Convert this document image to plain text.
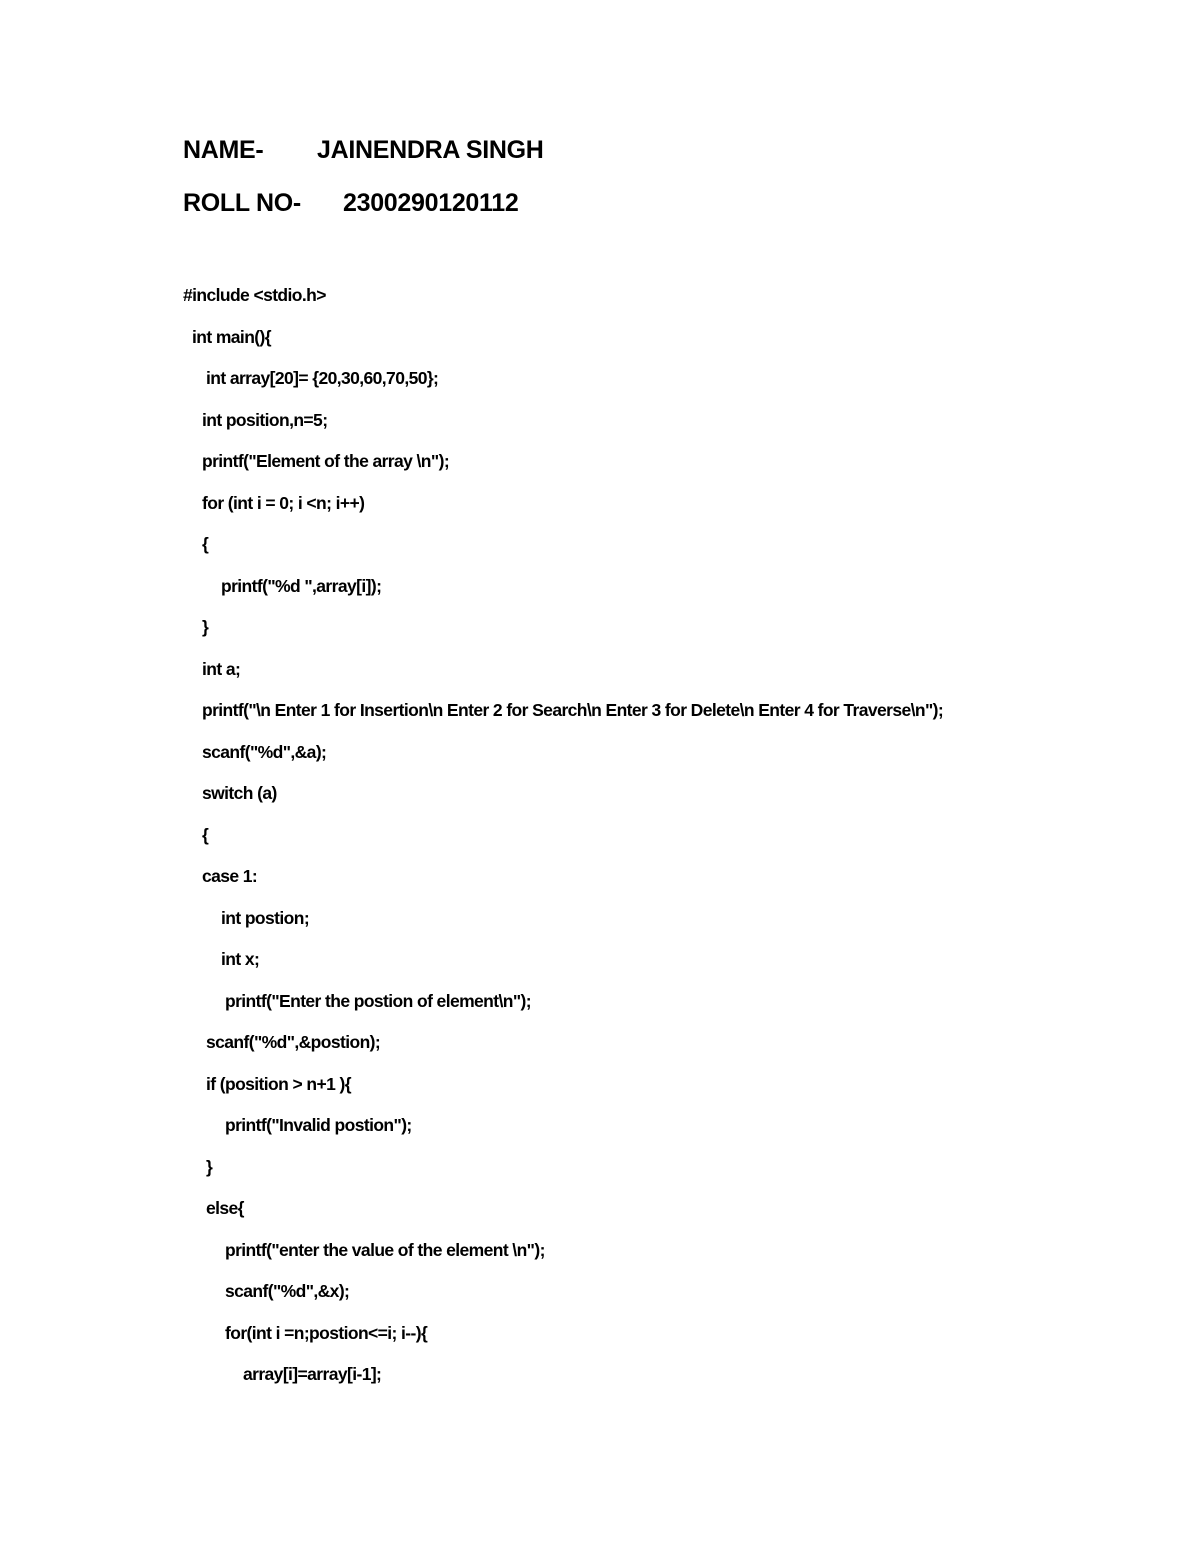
NAME- JAINENDRA SINGH
ROLL NO- 2300290120112
#include <stdio.h>
int main(){
int array[20]= {20,30,60,70,50};
int position,n=5;
printf("Element of the array \n");
for (int i = 0; i <n; i++)
{
printf("%d ",array[i]);
}
int a;
printf("\n Enter 1 for Insertion\n Enter 2 for Search\n Enter 3 for Delete\n Enter 4 for Traverse\n");
scanf("%d",&a);
switch (a)
{
case 1:
int postion;
int x;
printf("Enter the postion of element\n");
scanf("%d",&postion);
if (position > n+1 ){
printf("Invalid postion");
}
else{
printf("enter the value of the element \n");
scanf("%d",&x);
for(int i =n;postion<=i; i--){
array[i]=array[i-1];
